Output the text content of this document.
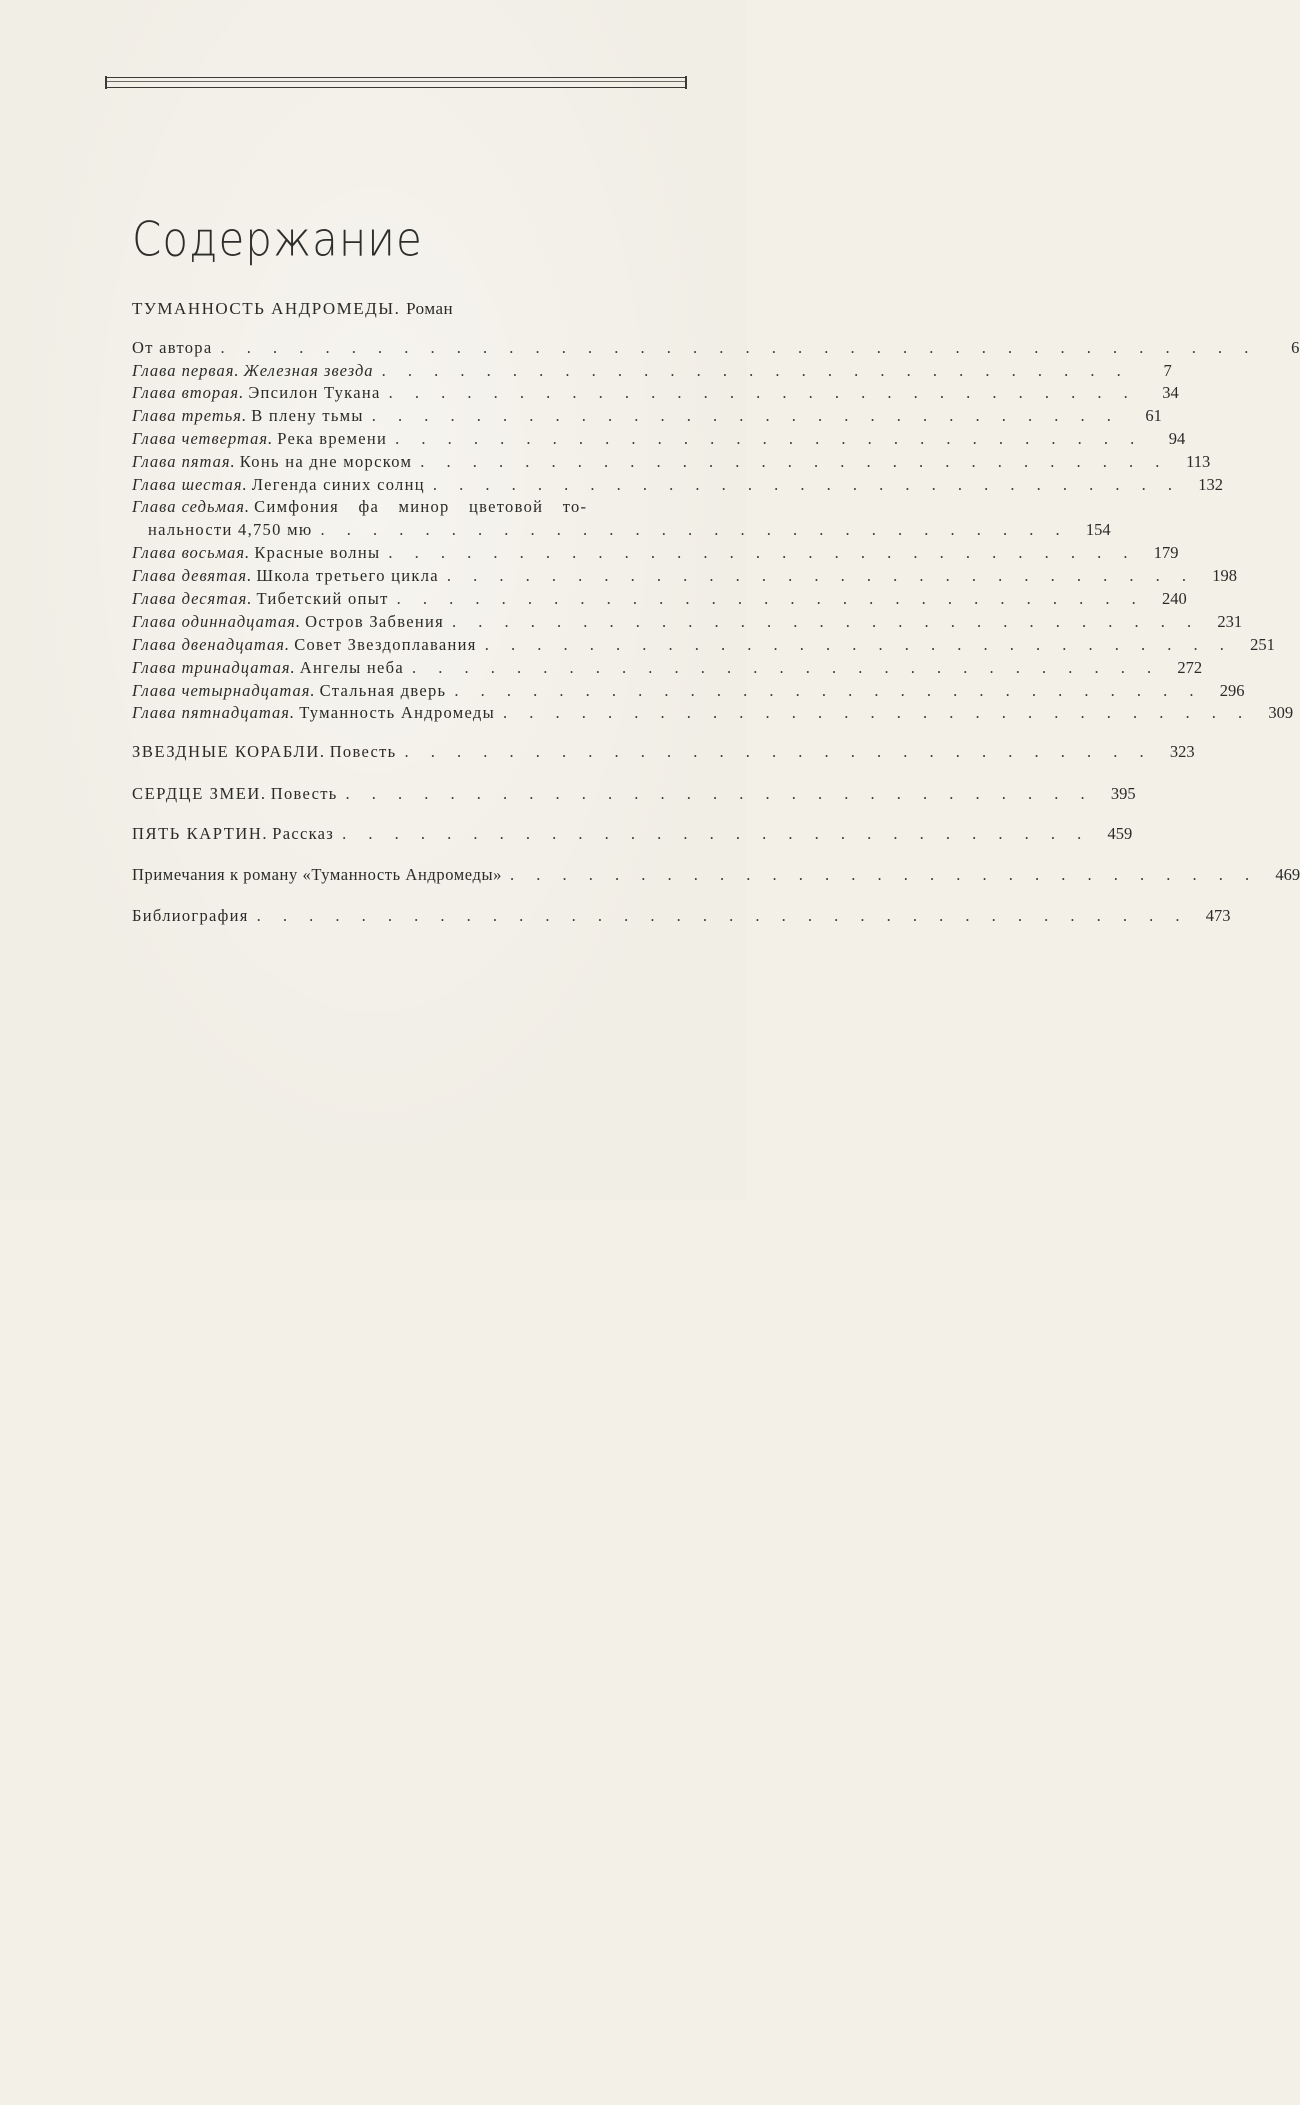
Содержание
ТУМАННОСТЬ АНДРОМЕДЫ. Роман
От автора . . . . . . . . . . . . . . . . . . . . . . . . . . . . . . . . . . . . . . . .	6
Глава первая. Железная звезда . . . . . . . . . . . . . . . . . . . . . . . . . . . . .	7
Глава вторая. Эпсилон Тукана . . . . . . . . . . . . . . . . . . . . . . . . . . . . .	34
Глава третья. В плену тьмы . . . . . . . . . . . . . . . . . . . . . . . . . . . . .	61
Глава четвертая. Река времени . . . . . . . . . . . . . . . . . . . . . . . . . . . . .	94
Глава пятая. Конь на дне морском . . . . . . . . . . . . . . . . . . . . . . . . . . . . .	113
Глава шестая. Легенда синих солнц . . . . . . . . . . . . . . . . . . . . . . . . . . . . .	132
Глава седьмая. Симфония фа минор цветовой то-
нальности 4,750 мю . . . . . . . . . . . . . . . . . . . . . . . . . . . . .	154
Глава восьмая. Красные волны . . . . . . . . . . . . . . . . . . . . . . . . . . . . .	179
Глава девятая. Школа третьего цикла . . . . . . . . . . . . . . . . . . . . . . . . . . . . .	198
Глава десятая. Тибетский опыт . . . . . . . . . . . . . . . . . . . . . . . . . . . . .	240
Глава одиннадцатая. Остров Забвения . . . . . . . . . . . . . . . . . . . . . . . . . . . . .	231
Глава двенадцатая. Совет Звездоплавания . . . . . . . . . . . . . . . . . . . . . . . . . . . . .	251
Глава тринадцатая. Ангелы неба . . . . . . . . . . . . . . . . . . . . . . . . . . . . .	272
Глава четырнадцатая. Стальная дверь . . . . . . . . . . . . . . . . . . . . . . . . . . . . .	296
Глава пятнадцатая. Туманность Андромеды . . . . . . . . . . . . . . . . . . . . . . . . . . . . .	309
ЗВЕЗДНЫЕ КОРАБЛИ. Повесть . . . . . . . . . . . . . . . . . . . . . . . . . . . . .	323
СЕРДЦЕ ЗМЕИ. Повесть . . . . . . . . . . . . . . . . . . . . . . . . . . . . .	395
ПЯТЬ КАРТИН. Рассказ . . . . . . . . . . . . . . . . . . . . . . . . . . . . .	459
Примечания к роману «Туманность Андромеды» . . . . . . . . . . . . . . . . . . . . . . . . . . . . .	469
Библиография . . . . . . . . . . . . . . . . . . . . . . . . . . . . . . . . . . . .	473
